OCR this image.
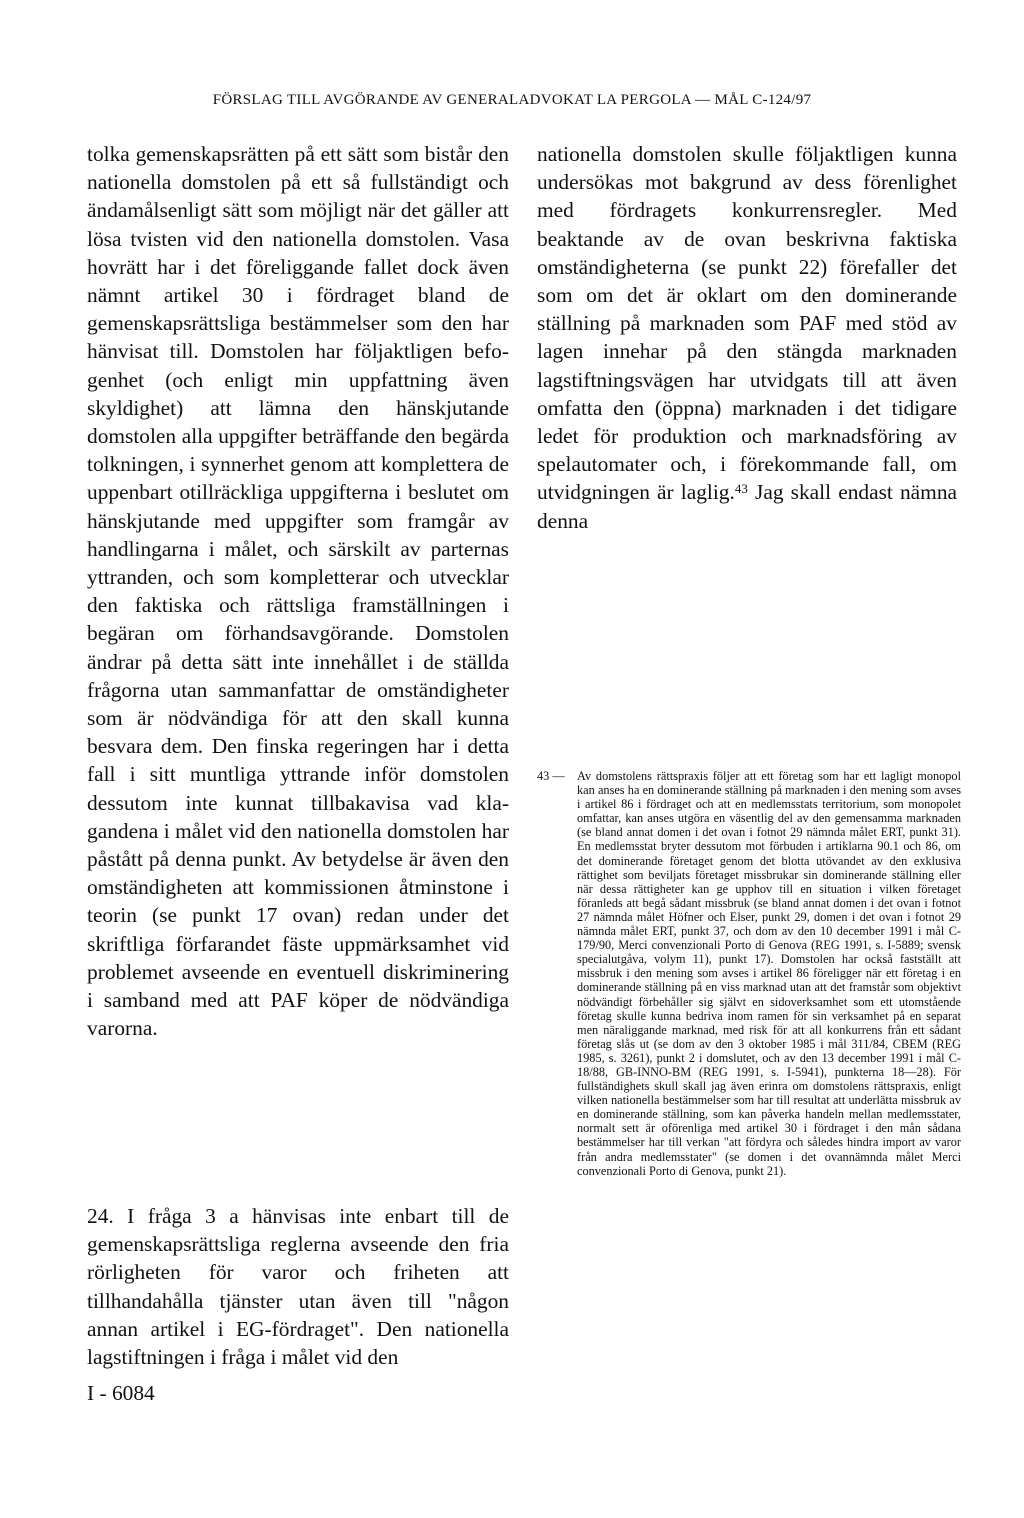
FÖRSLAG TILL AVGÖRANDE AV GENERALADVOKAT LA PERGOLA — MÅL C-124/97

tolka gemenskapsrätten på ett sätt som bistår den nationella domstolen på ett så fullständigt och ändamålsenligt sätt som möjligt när det gäller att lösa tvisten vid den nationella domstolen. Vasa hovrätt har i det föreliggande fallet dock även nämnt artikel 30 i fördraget bland de gemenskapsrättsliga bestämmelser som den har hänvisat till. Domstolen har följaktligen befogenhet (och enligt min uppfattning även skyldighet) att lämna den hänskjutande domstolen alla uppgifter beträffande den begärda tolkningen, i synnerhet genom att komplettera de uppenbart otillräckliga uppgifterna i beslutet om hänskjutande med uppgifter som framgår av handlingarna i målet, och särskilt av parternas yttranden, och som kompletterar och utvecklar den faktiska och rättsliga framställningen i begäran om förhandsavgörande. Domstolen ändrar på detta sätt inte innehållet i de ställda frågorna utan sammanfattar de omständigheter som är nödvändiga för att den skall kunna besvara dem. Den finska regeringen har i detta fall i sitt muntliga yttrande inför domstolen dessutom inte kunnat tillbakavisa vad klagandena i målet vid den nationella domstolen har påstått på denna punkt. Av betydelse är även den omständigheten att kommissionen åtminstone i teorin (se punkt 17 ovan) redan under det skriftliga förfarandet fäste uppmärksamhet vid problemet avseende en eventuell diskriminering i samband med att PAF köper de nödvändiga varorna.

24. I fråga 3 a hänvisas inte enbart till de gemenskapsrättsliga reglerna avseende den fria rörligheten för varor och friheten att tillhandahålla tjänster utan även till "någon annan artikel i EG-fördraget". Den nationella lagstiftningen i fråga i målet vid den

nationella domstolen skulle följaktligen kunna undersökas mot bakgrund av dess förenlighet med fördragets konkurrensregler. Med beaktande av de ovan beskrivna faktiska omständigheterna (se punkt 22) förefaller det som om det är oklart om den dominerande ställning på marknaden som PAF med stöd av lagen innehar på den stängda marknaden lagstiftningsvägen har utvidgats till att även omfatta den (öppna) marknaden i det tidigare ledet för produktion och marknadsföring av spelautomater och, i förekommande fall, om utvidgningen är laglig.$^{43}$ Jag skall endast nämna denna

43 — Av domstolens rättspraxis följer att ett företag som har ett lagligt monopol kan anses ha en dominerande ställning på marknaden i den mening som avses i artikel 86 i fördraget och att en medlemsstats territorium, som monopolet omfattar, kan anses utgöra en väsentlig del av den gemensamma marknaden (se bland annat domen i det ovan i fotnot 29 nämnda målet ERT, punkt 31). En medlemsstat bryter dessutom mot förbuden i artiklarna 90.1 och 86, om det dominerande företaget genom det blotta utövandet av den exklusiva rättighet som beviljats företaget missbrukar sin dominerande ställning eller när dessa rättigheter kan ge upphov till en situation i vilken företaget föranleds att begå sådant missbruk (se bland annat domen i det ovan i fotnot 27 nämnda målet Höfner och Elser, punkt 29, domen i det ovan i fotnot 29 nämnda målet ERT, punkt 37, och dom av den 10 december 1991 i mål C-179/90, Merci convenzionali Porto di Genova (REG 1991, s. I-5889; svensk specialutgåva, volym 11), punkt 17). Domstolen har också fastställt att missbruk i den mening som avses i artikel 86 föreligger när ett företag i en dominerande ställning på en viss marknad utan att det framstår som objektivt nödvändigt förbehåller sig självt en sidoverksamhet som ett utomstående företag skulle kunna bedriva inom ramen för sin verksamhet på en separat men näraliggande marknad, med risk för att all konkurrens från ett sådant företag slås ut (se dom av den 3 oktober 1985 i mål 311/84, CBEM (REG 1985, s. 3261), punkt 2 i domslutet, och av den 13 december 1991 i mål C-18/88, GB-INNO-BM (REG 1991, s. I-5941), punkterna 18—28). För fullständighets skull skall jag även erinra om domstolens rättspraxis, enligt vilken nationella bestämmelser som har till resultat att underlätta missbruk av en dominerande ställning, som kan påverka handeln mellan medlemsstater, normalt sett är oförenliga med artikel 30 i fördraget i den mån sådana bestämmelser har till verkan "att fördyra och således hindra import av varor från andra medlemsstater" (se domen i det ovannämnda målet Merci convenzionali Porto di Genova, punkt 21).
I - 6084
